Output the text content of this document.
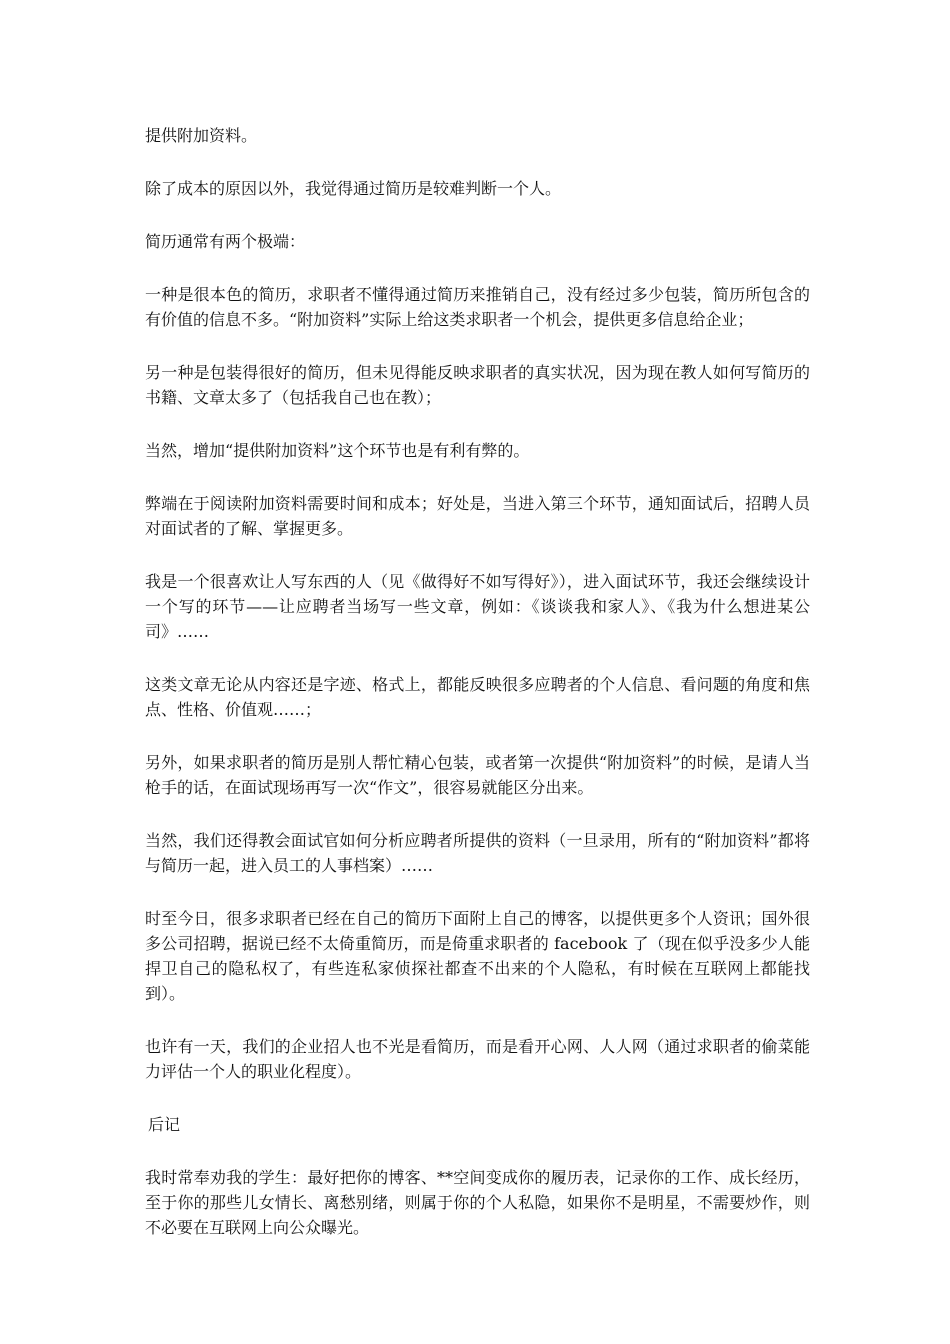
提供附加资料。

除了成本的原因以外，我觉得通过简历是较难判断一个人。

简历通常有两个极端：

一种是很本色的简历，求职者不懂得通过简历来推销自己，没有经过多少包装，简历所包含的有价值的信息不多。“附加资料”实际上给这类求职者一个机会，提供更多信息给企业；

另一种是包装得很好的简历，但未见得能反映求职者的真实状况，因为现在教人如何写简历的书籍、文章太多了（包括我自己也在教）；

当然，增加“提供附加资料”这个环节也是有利有弊的。

弊端在于阅读附加资料需要时间和成本；好处是，当进入第三个环节，通知面试后，招聘人员对面试者的了解、掌握更多。

我是一个很喜欢让人写东西的人（见《做得好不如写得好》），进入面试环节，我还会继续设计一个写的环节——让应聘者当场写一些文章，例如：《谈谈我和家人》、《我为什么想进某公司》……

这类文章无论从内容还是字迹、格式上，都能反映很多应聘者的个人信息、看问题的角度和焦点、性格、价值观……；

另外，如果求职者的简历是别人帮忙精心包装，或者第一次提供“附加资料”的时候，是请人当枪手的话，在面试现场再写一次“作文”，很容易就能区分出来。

当然，我们还得教会面试官如何分析应聘者所提供的资料（一旦录用，所有的“附加资料”都将与简历一起，进入员工的人事档案）……

时至今日，很多求职者已经在自己的简历下面附上自己的博客，以提供更多个人资讯；国外很多公司招聘，据说已经不太倚重简历，而是倚重求职者的 facebook 了（现在似乎没多少人能捍卫自己的隐私权了，有些连私家侦探社都查不出来的个人隐私，有时候在互联网上都能找到）。

也许有一天，我们的企业招人也不光是看简历，而是看开心网、人人网（通过求职者的偷菜能力评估一个人的职业化程度）。

后记

我时常奉劝我的学生：最好把你的博客、**空间变成你的履历表，记录你的工作、成长经历，至于你的那些儿女情长、离愁别绪，则属于你的个人私隐，如果你不是明星，不需要炒作，则不必要在互联网上向公众曝光。
